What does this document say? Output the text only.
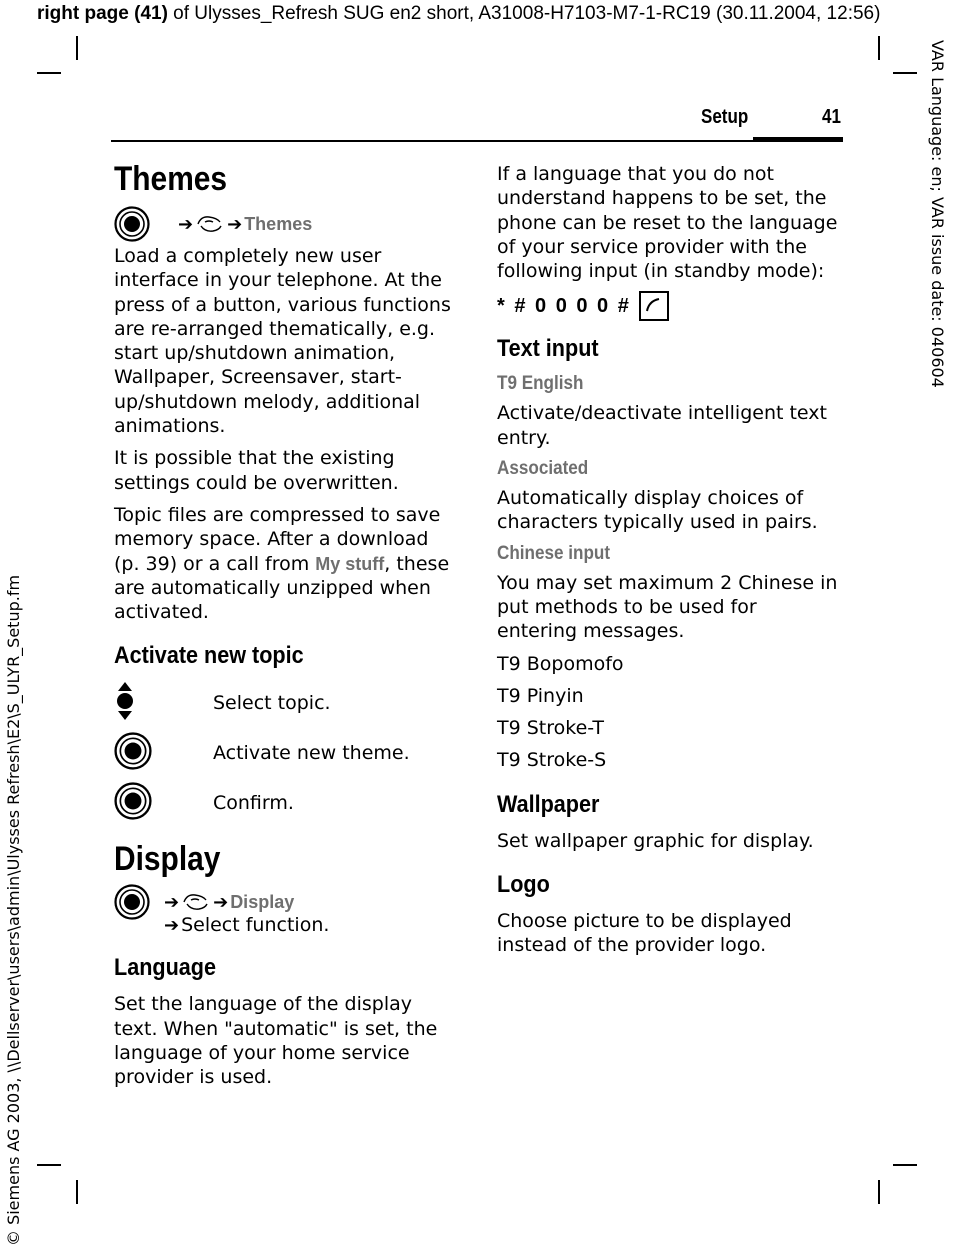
right page (41) of Ulysses_Refresh SUG en2 short, A31008-H7103-M7-1-RC19 (30.11.2004, 12:56)
VAR Language: en; VAR issue date: 040604
© Siemens AG 2003, \\Dellserver\users\admin\Ulysses Refresh\E2\S_ULYR_Setup.fm
Setup	41
Themes
➔ ➔ Themes

Load a completely new user interface in your telephone. At the press of a button, various functions are re-arranged thematically, e.g. start up/shutdown animation, Wallpaper, Screensaver, start-up/shutdown melody, additional animations.

It is possible that the existing settings could be overwritten.

Topic files are compressed to save memory space. After a download (p. 39) or a call from My stuff, these are automatically unzipped when activated.

Activate new topic
Select topic.
Activate new theme.
Confirm.
Display
➔ ➔ Display
➔ Select function.
Language

Set the language of the display text. When "automatic" is set, the language of your home service provider is used.

If a language that you do not understand happens to be set, the phone can be reset to the language of your service provider with the following input (in standby mode):

* # 0 0 0 0 #
Text input
T9 English

Activate/deactivate intelligent text entry.

Associated

Automatically display choices of characters typically used in pairs.

Chinese input

You may set maximum 2 Chinese in put methods to be used for entering messages.

T9 Bopomofo

T9 Pinyin

T9 Stroke-T

T9 Stroke-S

Wallpaper

Set wallpaper graphic for display.

Logo

Choose picture to be displayed instead of the provider logo.
